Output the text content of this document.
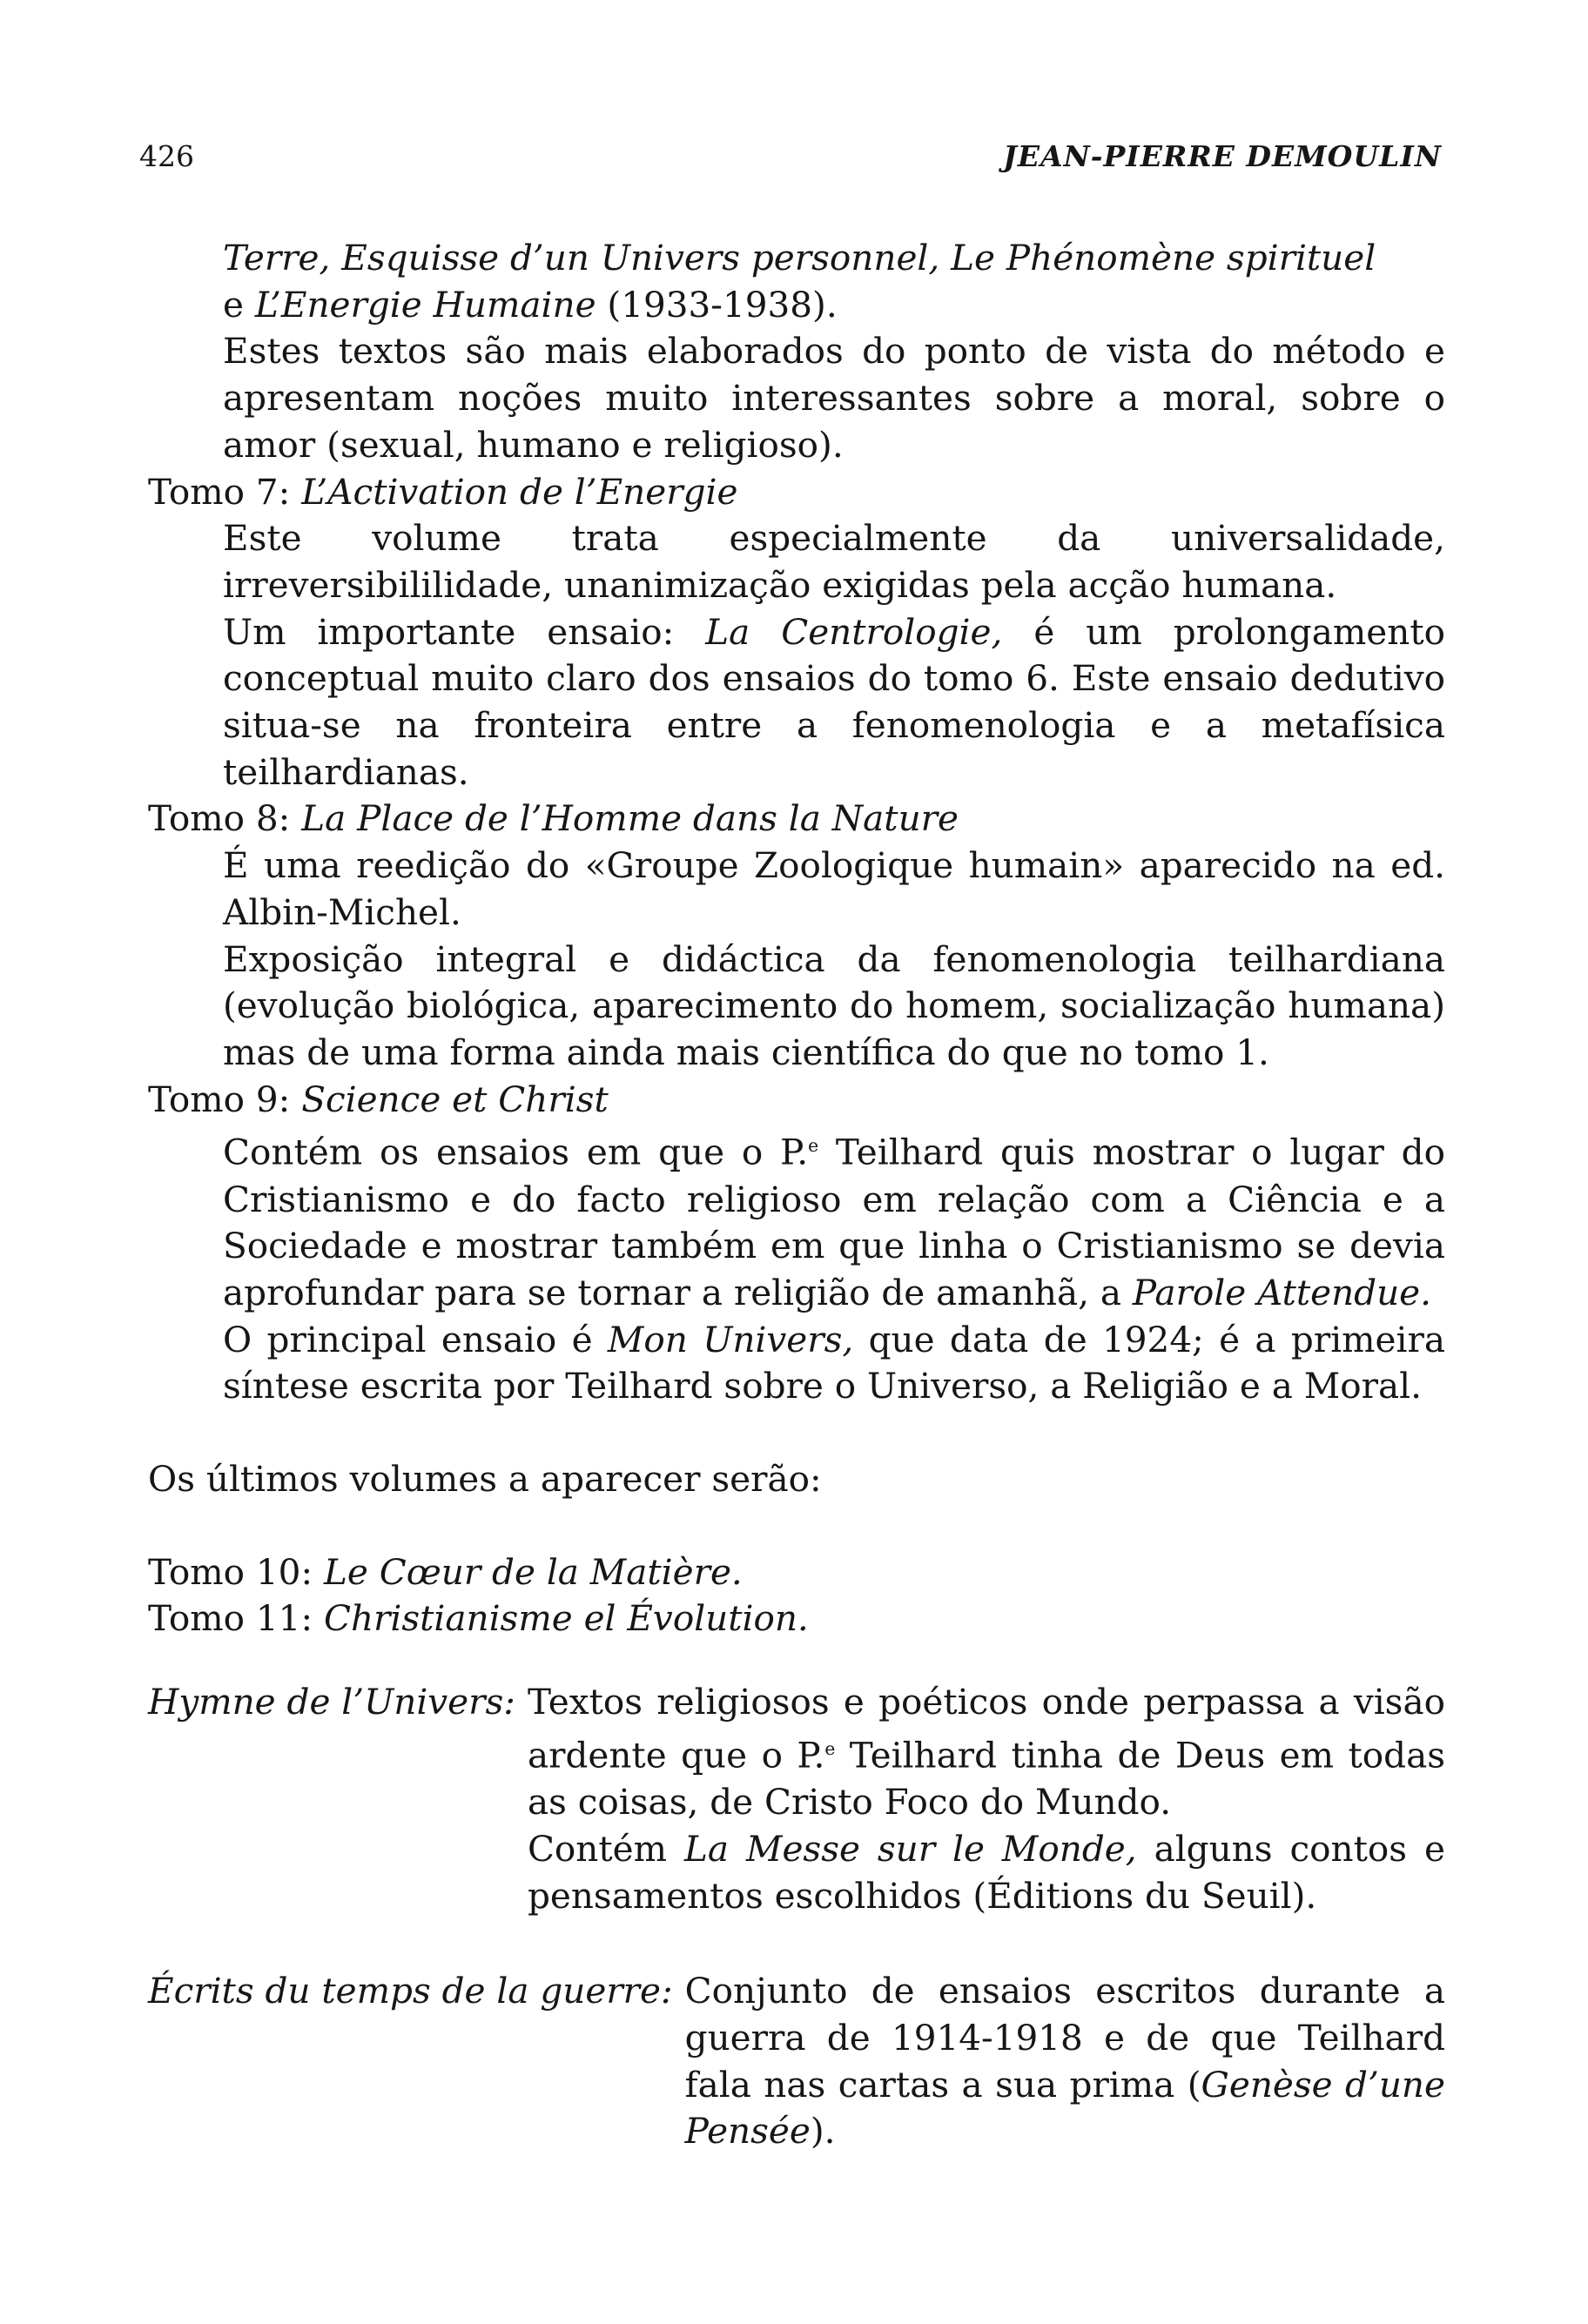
426	JEAN-PIERRE DEMOULIN

Terre, Esquisse d’un Univers personnel, Le Phénomène spirituel
e L’Energie Humaine (1933-1938).

Estes textos são mais elaborados do ponto de vista do método e apresentam noções muito interessantes sobre a moral, sobre o amor (sexual, humano e religioso).

Tomo 7: L’Activation de l’Energie

Este volume trata especialmente da universalidade, irreversibililidade, unanimização exigidas pela acção humana.

Um importante ensaio: La Centrologie, é um prolongamento conceptual muito claro dos ensaios do tomo 6. Este ensaio dedutivo situa-se na fronteira entre a fenomenologia e a metafísica teilhardianas.

Tomo 8: La Place de l’Homme dans la Nature

É uma reedição do «Groupe Zoologique humain» aparecido na ed. Albin-Michel.

Exposição integral e didáctica da fenomenologia teilhardiana (evolução biológica, aparecimento do homem, socialização humana) mas de uma forma ainda mais científica do que no tomo 1.

Tomo 9: Science et Christ

Contém os ensaios em que o P.$^e$ Teilhard quis mostrar o lugar do Cristianismo e do facto religioso em relação com a Ciência e a Sociedade e mostrar também em que linha o Cristianismo se devia aprofundar para se tornar a religião de amanhã, a Parole Attendue.

O principal ensaio é Mon Univers, que data de 1924; é a primeira síntese escrita por Teilhard sobre o Universo, a Religião e a Moral.

Os últimos volumes a aparecer serão:

Tomo 10: Le Cœur de la Matière.

Tomo 11: Christianisme el Évolution.

Hymne de l’Univers: Textos religiosos e poéticos onde perpassa a visão ardente que o P.$^e$ Teilhard tinha de Deus em todas as coisas, de Cristo Foco do Mundo.

Contém La Messe sur le Monde, alguns contos e pensamentos escolhidos (Éditions du Seuil).

Écrits du temps de la guerre: Conjunto de ensaios escritos durante a guerra de 1914-1918 e de que Teilhard fala nas cartas a sua prima (Genèse d’une Pensée).
